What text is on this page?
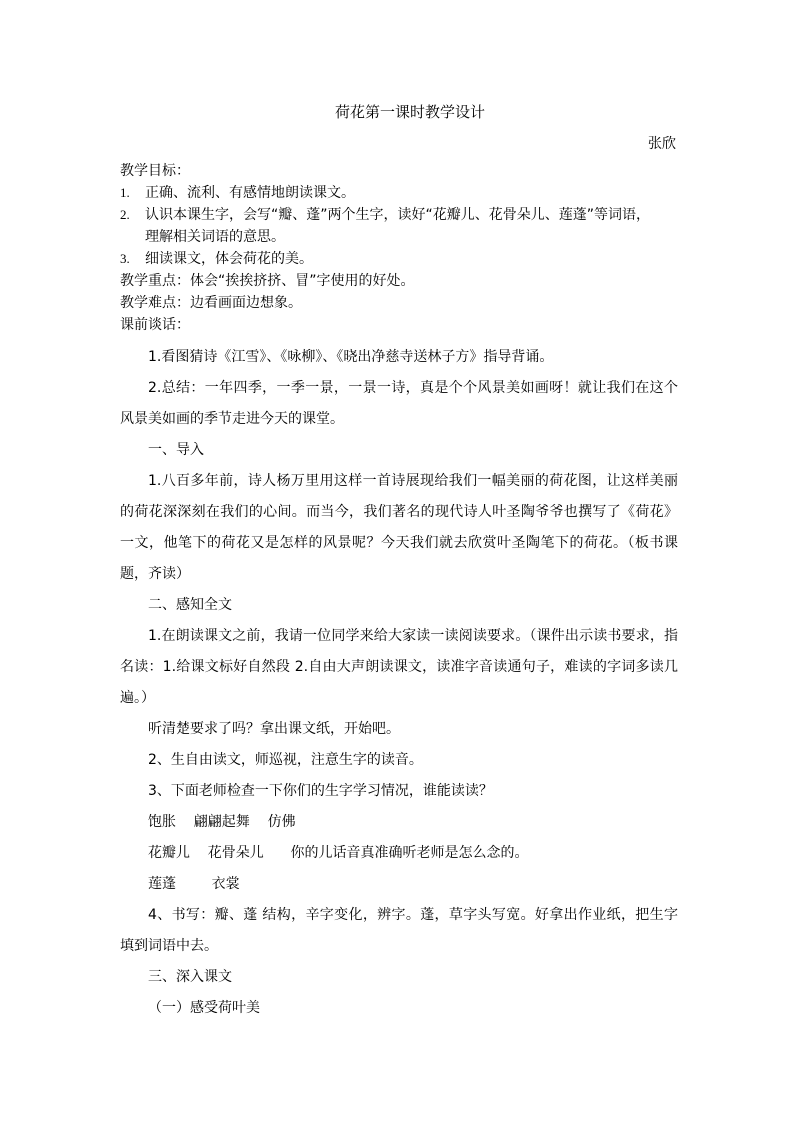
荷花第一课时教学设计
张欣
教学目标：
1.	正确、流利、有感情地朗读课文。
2.	认识本课生字，会写“瓣、蓬”两个生字，读好“花瓣儿、花骨朵儿、莲蓬”等词语，
理解相关词语的意思。
3.	细读课文，体会荷花的美。
教学重点：体会“挨挨挤挤、冒”字使用的好处。
教学难点：边看画面边想象。
课前谈话：
1.看图猜诗《江雪》、《咏柳》、《晓出净慈寺送林子方》指导背诵。
2.总结：一年四季，一季一景，一景一诗，真是个个风景美如画呀！就让我们在这个风景美如画的季节走进今天的课堂。
一、导入
1.八百多年前，诗人杨万里用这样一首诗展现给我们一幅美丽的荷花图，让这样美丽的荷花深深刻在我们的心间。而当今，我们著名的现代诗人叶圣陶爷爷也撰写了《荷花》一文，他笔下的荷花又是怎样的风景呢？今天我们就去欣赏叶圣陶笔下的荷花。（板书课题，齐读）
二、感知全文
1.在朗读课文之前，我请一位同学来给大家读一读阅读要求。（课件出示读书要求，指名读：1.给课文标好自然段 2.自由大声朗读课文，读准字音读通句子，难读的字词多读几遍。）
听清楚要求了吗？拿出课文纸，开始吧。
2、生自由读文，师巡视，注意生字的读音。
3、下面老师检查一下你们的生字学习情况，谁能读读？
饱胀    翩翩起舞    仿佛
花瓣儿    花骨朵儿      你的儿话音真准确听老师是怎么念的。
莲蓬        衣裳
4、书写：瓣、蓬 结构，辛字变化，辨字。蓬，草字头写宽。好拿出作业纸，把生字填到词语中去。
三、深入课文
（一）感受荷叶美
